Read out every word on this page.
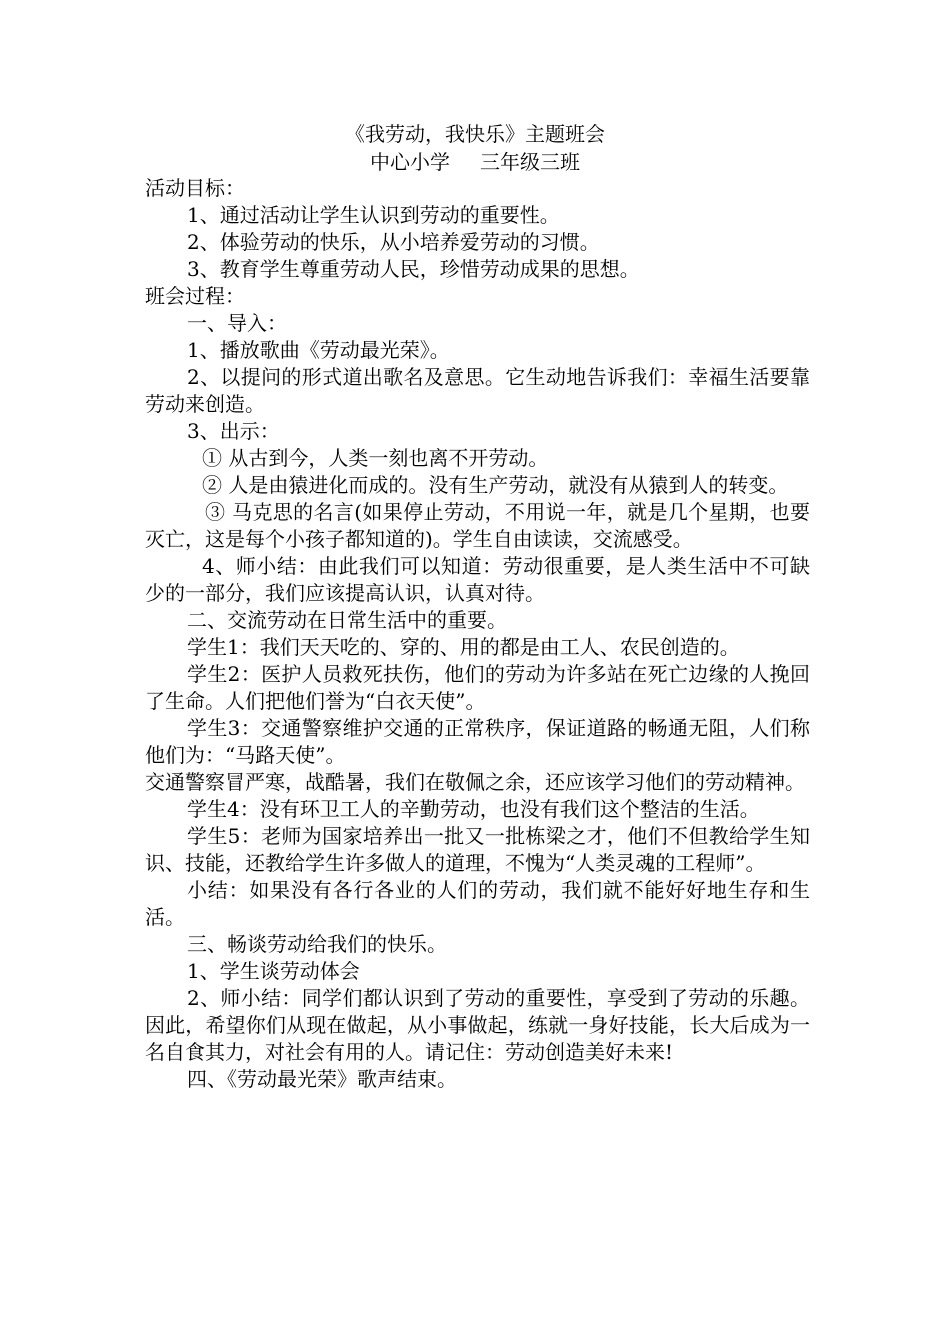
《我劳动，我快乐》主题班会
中心小学 三年级三班

活动目标：

1、通过活动让学生认识到劳动的重要性。

2、体验劳动的快乐，从小培养爱劳动的习惯。

3、教育学生尊重劳动人民，珍惜劳动成果的思想。

班会过程：

一、导入：

1、播放歌曲《劳动最光荣》。

2、以提问的形式道出歌名及意思。它生动地告诉我们：幸福生活要靠劳动来创造。

3、出示：

① 从古到今，人类一刻也离不开劳动。

② 人是由猿进化而成的。没有生产劳动，就没有从猿到人的转变。

③ 马克思的名言(如果停止劳动，不用说一年，就是几个星期，也要灭亡，这是每个小孩子都知道的)。学生自由读读，交流感受。

4、师小结：由此我们可以知道：劳动很重要，是人类生活中不可缺少的一部分，我们应该提高认识，认真对待。

二、交流劳动在日常生活中的重要。

学生1：我们天天吃的、穿的、用的都是由工人、农民创造的。

学生2：医护人员救死扶伤，他们的劳动为许多站在死亡边缘的人挽回了生命。人们把他们誉为“白衣天使”。

学生3：交通警察维护交通的正常秩序，保证道路的畅通无阻，人们称他们为：“马路天使”。

交通警察冒严寒，战酷暑，我们在敬佩之余，还应该学习他们的劳动精神。

学生4：没有环卫工人的辛勤劳动，也没有我们这个整洁的生活。

学生5：老师为国家培养出一批又一批栋梁之才，他们不但教给学生知识、技能，还教给学生许多做人的道理，不愧为“人类灵魂的工程师”。

小结：如果没有各行各业的人们的劳动，我们就不能好好地生存和生活。

三、畅谈劳动给我们的快乐。

1、学生谈劳动体会

2、师小结：同学们都认识到了劳动的重要性，享受到了劳动的乐趣。因此，希望你们从现在做起，从小事做起，练就一身好技能，长大后成为一名自食其力，对社会有用的人。请记住：劳动创造美好未来!

四、《劳动最光荣》歌声结束。
